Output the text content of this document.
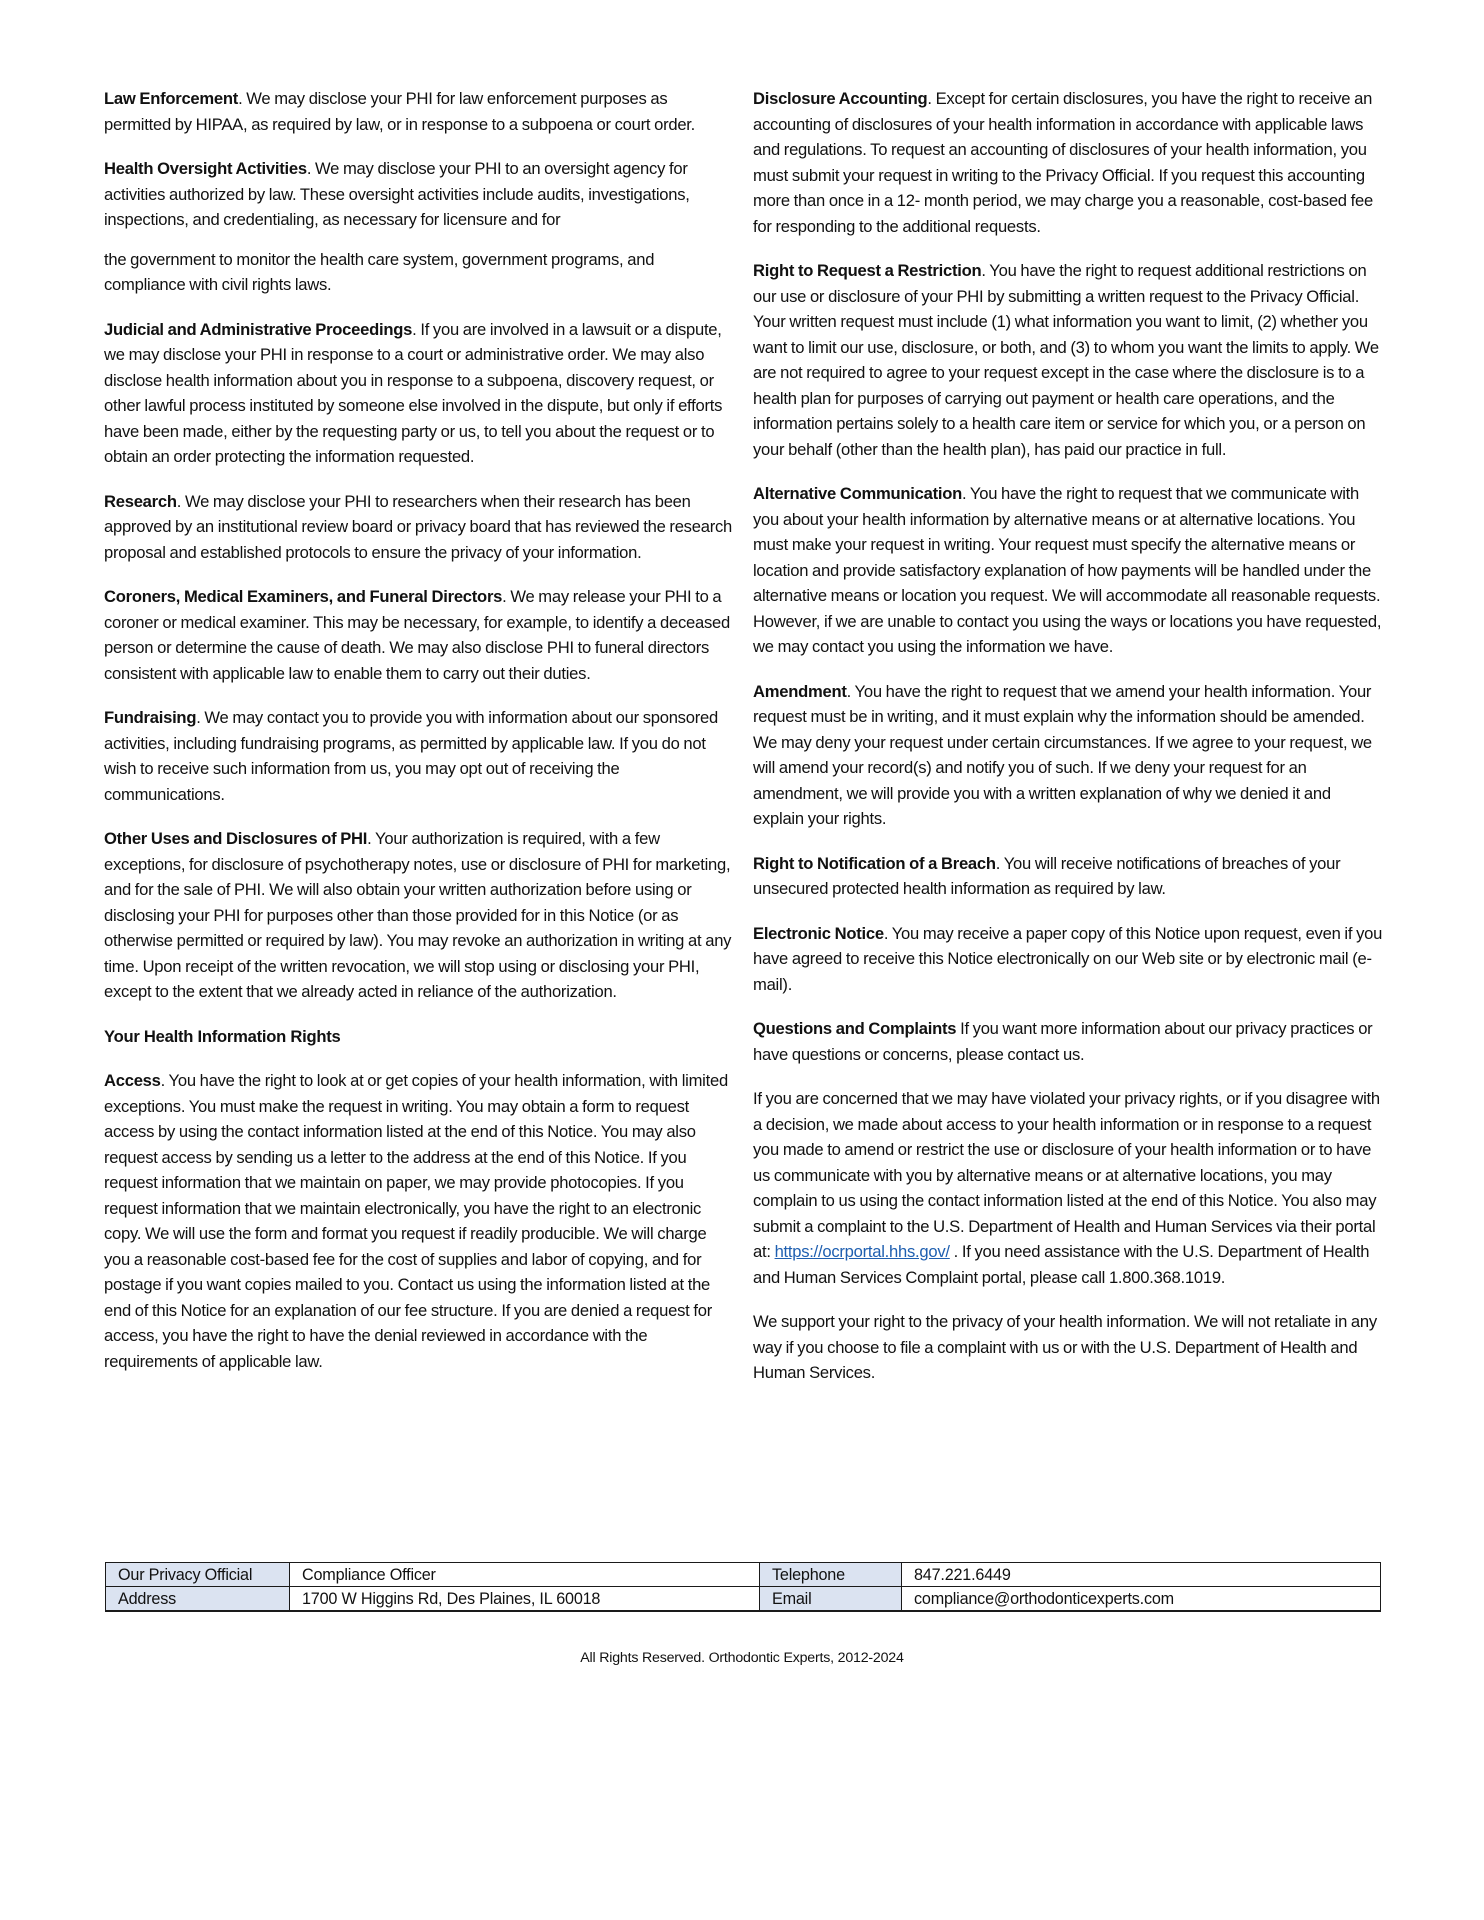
Law Enforcement. We may disclose your PHI for law enforcement purposes as permitted by HIPAA, as required by law, or in response to a subpoena or court order.

Health Oversight Activities. We may disclose your PHI to an oversight agency for activities authorized by law. These oversight activities include audits, investigations, inspections, and credentialing, as necessary for licensure and for

the government to monitor the health care system, government programs, and compliance with civil rights laws.

Judicial and Administrative Proceedings. If you are involved in a lawsuit or a dispute, we may disclose your PHI in response to a court or administrative order. We may also disclose health information about you in response to a subpoena, discovery request, or other lawful process instituted by someone else involved in the dispute, but only if efforts have been made, either by the requesting party or us, to tell you about the request or to obtain an order protecting the information requested.

Research. We may disclose your PHI to researchers when their research has been approved by an institutional review board or privacy board that has reviewed the research proposal and established protocols to ensure the privacy of your information.

Coroners, Medical Examiners, and Funeral Directors. We may release your PHI to a coroner or medical examiner. This may be necessary, for example, to identify a deceased person or determine the cause of death. We may also disclose PHI to funeral directors consistent with applicable law to enable them to carry out their duties.

Fundraising. We may contact you to provide you with information about our sponsored activities, including fundraising programs, as permitted by applicable law. If you do not wish to receive such information from us, you may opt out of receiving the communications.

Other Uses and Disclosures of PHI. Your authorization is required, with a few exceptions, for disclosure of psychotherapy notes, use or disclosure of PHI for marketing, and for the sale of PHI. We will also obtain your written authorization before using or disclosing your PHI for purposes other than those provided for in this Notice (or as otherwise permitted or required by law). You may revoke an authorization in writing at any time. Upon receipt of the written revocation, we will stop using or disclosing your PHI, except to the extent that we already acted in reliance of the authorization.

Your Health Information Rights

Access. You have the right to look at or get copies of your health information, with limited exceptions. You must make the request in writing. You may obtain a form to request access by using the contact information listed at the end of this Notice. You may also request access by sending us a letter to the address at the end of this Notice. If you request information that we maintain on paper, we may provide photocopies. If you request information that we maintain electronically, you have the right to an electronic copy. We will use the form and format you request if readily producible. We will charge you a reasonable cost-based fee for the cost of supplies and labor of copying, and for postage if you want copies mailed to you. Contact us using the information listed at the end of this Notice for an explanation of our fee structure. If you are denied a request for access, you have the right to have the denial reviewed in accordance with the requirements of applicable law.

Disclosure Accounting. Except for certain disclosures, you have the right to receive an accounting of disclosures of your health information in accordance with applicable laws and regulations. To request an accounting of disclosures of your health information, you must submit your request in writing to the Privacy Official. If you request this accounting more than once in a 12- month period, we may charge you a reasonable, cost-based fee for responding to the additional requests.

Right to Request a Restriction. You have the right to request additional restrictions on our use or disclosure of your PHI by submitting a written request to the Privacy Official. Your written request must include (1) what information you want to limit, (2) whether you want to limit our use, disclosure, or both, and (3) to whom you want the limits to apply. We are not required to agree to your request except in the case where the disclosure is to a health plan for purposes of carrying out payment or health care operations, and the information pertains solely to a health care item or service for which you, or a person on your behalf (other than the health plan), has paid our practice in full.

Alternative Communication. You have the right to request that we communicate with you about your health information by alternative means or at alternative locations. You must make your request in writing. Your request must specify the alternative means or location and provide satisfactory explanation of how payments will be handled under the alternative means or location you request. We will accommodate all reasonable requests. However, if we are unable to contact you using the ways or locations you have requested, we may contact you using the information we have.

Amendment. You have the right to request that we amend your health information. Your request must be in writing, and it must explain why the information should be amended. We may deny your request under certain circumstances. If we agree to your request, we will amend your record(s) and notify you of such. If we deny your request for an amendment, we will provide you with a written explanation of why we denied it and explain your rights.

Right to Notification of a Breach. You will receive notifications of breaches of your unsecured protected health information as required by law.

Electronic Notice. You may receive a paper copy of this Notice upon request, even if you have agreed to receive this Notice electronically on our Web site or by electronic mail (e-mail).

Questions and Complaints If you want more information about our privacy practices or have questions or concerns, please contact us.

If you are concerned that we may have violated your privacy rights, or if you disagree with a decision, we made about access to your health information or in response to a request you made to amend or restrict the use or disclosure of your health information or to have us communicate with you by alternative means or at alternative locations, you may complain to us using the contact information listed at the end of this Notice. You also may submit a complaint to the U.S. Department of Health and Human Services via their portal at: https://ocrportal.hhs.gov/ . If you need assistance with the U.S. Department of Health and Human Services Complaint portal, please call 1.800.368.1019.

We support your right to the privacy of your health information. We will not retaliate in any way if you choose to file a complaint with us or with the U.S. Department of Health and Human Services.

Our Privacy Official	Compliance Officer	Telephone	847.221.6449
Address	1700 W Higgins Rd, Des Plaines, IL 60018	Email	compliance@orthodonticexperts.com
All Rights Reserved. Orthodontic Experts, 2012-2024
